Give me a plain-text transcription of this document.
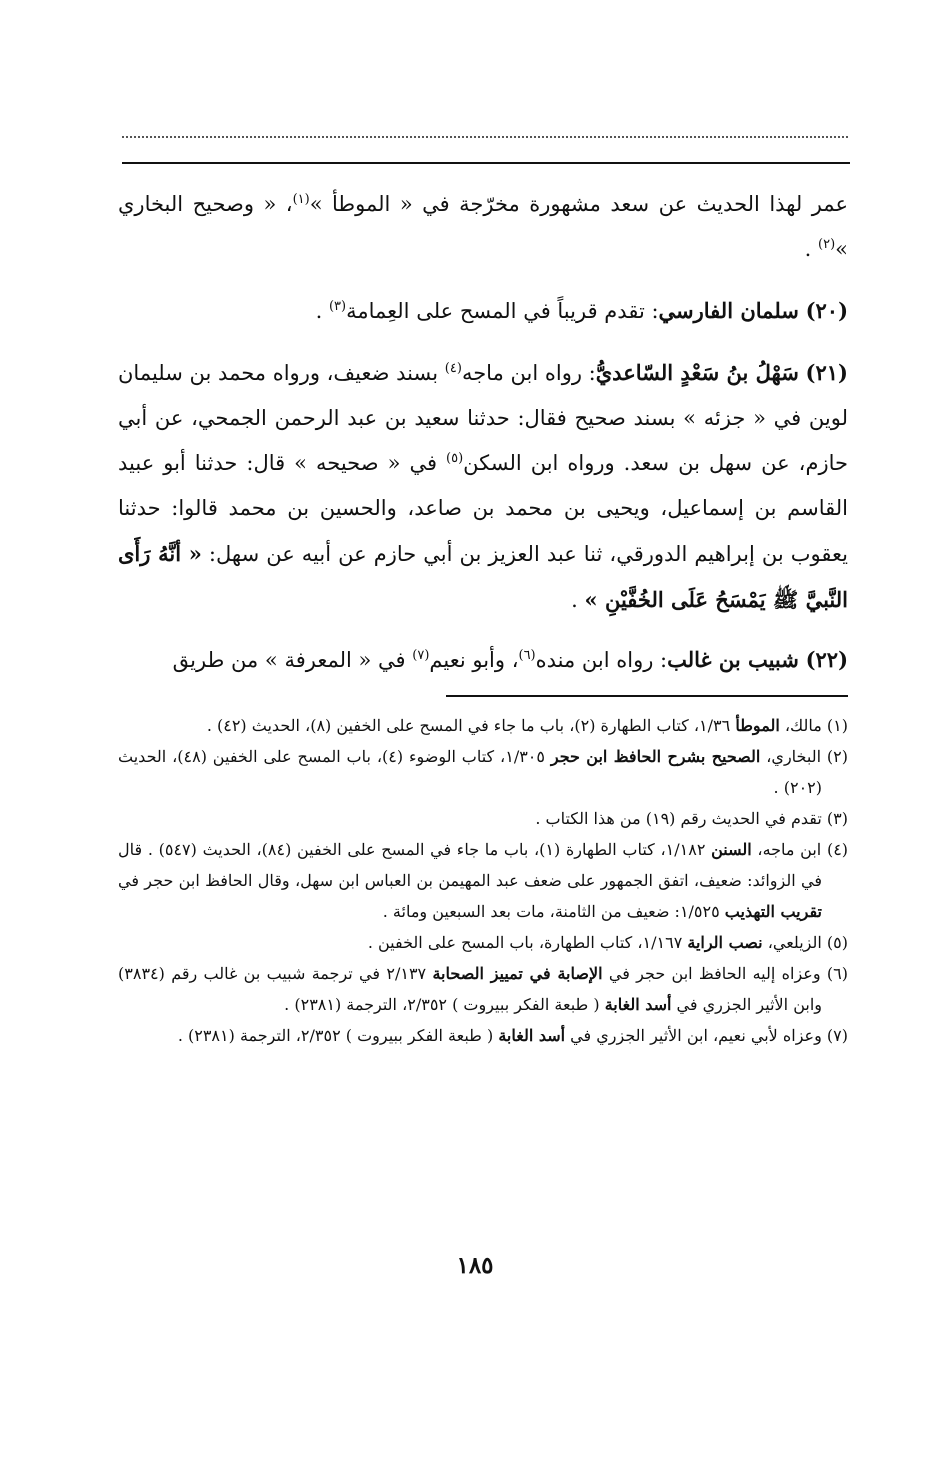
عمر لهذا الحديث عن سعد مشهورة مخرّجة في « الموطأ »$^{(١)}$، « وصحيح البخاري »$^{(٢)}$ .

(٢٠) سلمان الفارسي: تقدم قريباً في المسح على العِمامة$^{(٣)}$ .

(٢١) سَهْلُ بنُ سَعْدٍ السّاعديُّ: رواه ابن ماجه$^{(٤)}$ بسند ضعيف، ورواه محمد بن سليمان لوين في « جزئه » بسند صحيح فقال: حدثنا سعيد بن عبد الرحمن الجمحي، عن أبي حازم، عن سهل بن سعد. ورواه ابن السكن$^{(٥)}$ في « صحيحه » قال: حدثنا أبو عبيد القاسم بن إسماعيل، ويحيى بن محمد بن صاعد، والحسين بن محمد قالوا: حدثنا يعقوب بن إبراهيم الدورقي، ثنا عبد العزيز بن أبي حازم عن أبيه عن سهل: « أنَّهُ رَأَى النَّبيَّ ﷺ يَمْسَحُ عَلَى الخُفَّيْنِ » .

(٢٢) شبيب بن غالب: رواه ابن منده$^{(٦)}$، وأبو نعيم$^{(٧)}$ في « المعرفة » من طريق

(١) مالك، الموطأ ١/٣٦، كتاب الطهارة (٢)، باب ما جاء في المسح على الخفين (٨)، الحديث (٤٢) .

(٢) البخاري، الصحيح بشرح الحافظ ابن حجر ١/٣٠٥، كتاب الوضوء (٤)، باب المسح على الخفين (٤٨)، الحديث (٢٠٢) .

(٣) تقدم في الحديث رقم (١٩) من هذا الكتاب .

(٤) ابن ماجه، السنن ١/١٨٢، كتاب الطهارة (١)، باب ما جاء في المسح على الخفين (٨٤)، الحديث (٥٤٧) . قال في الزوائد: ضعيف، اتفق الجمهور على ضعف عبد المهيمن بن العباس ابن سهل، وقال الحافظ ابن حجر في تقريب التهذيب ١/٥٢٥: ضعيف من الثامنة، مات بعد السبعين ومائة .

(٥) الزيلعي، نصب الراية ١/١٦٧، كتاب الطهارة، باب المسح على الخفين .

(٦) وعزاه إليه الحافظ ابن حجر في الإصابة في تمييز الصحابة ٢/١٣٧ في ترجمة شبيب بن غالب رقم (٣٨٣٤) وابن الأثير الجزري في أسد الغابة ( طبعة الفكر ببيروت ) ٢/٣٥٢، الترجمة (٢٣٨١) .

(٧) وعزاه لأبي نعيم، ابن الأثير الجزري في أسد الغابة ( طبعة الفكر ببيروت ) ٢/٣٥٢، الترجمة (٢٣٨١) .

١٨٥
